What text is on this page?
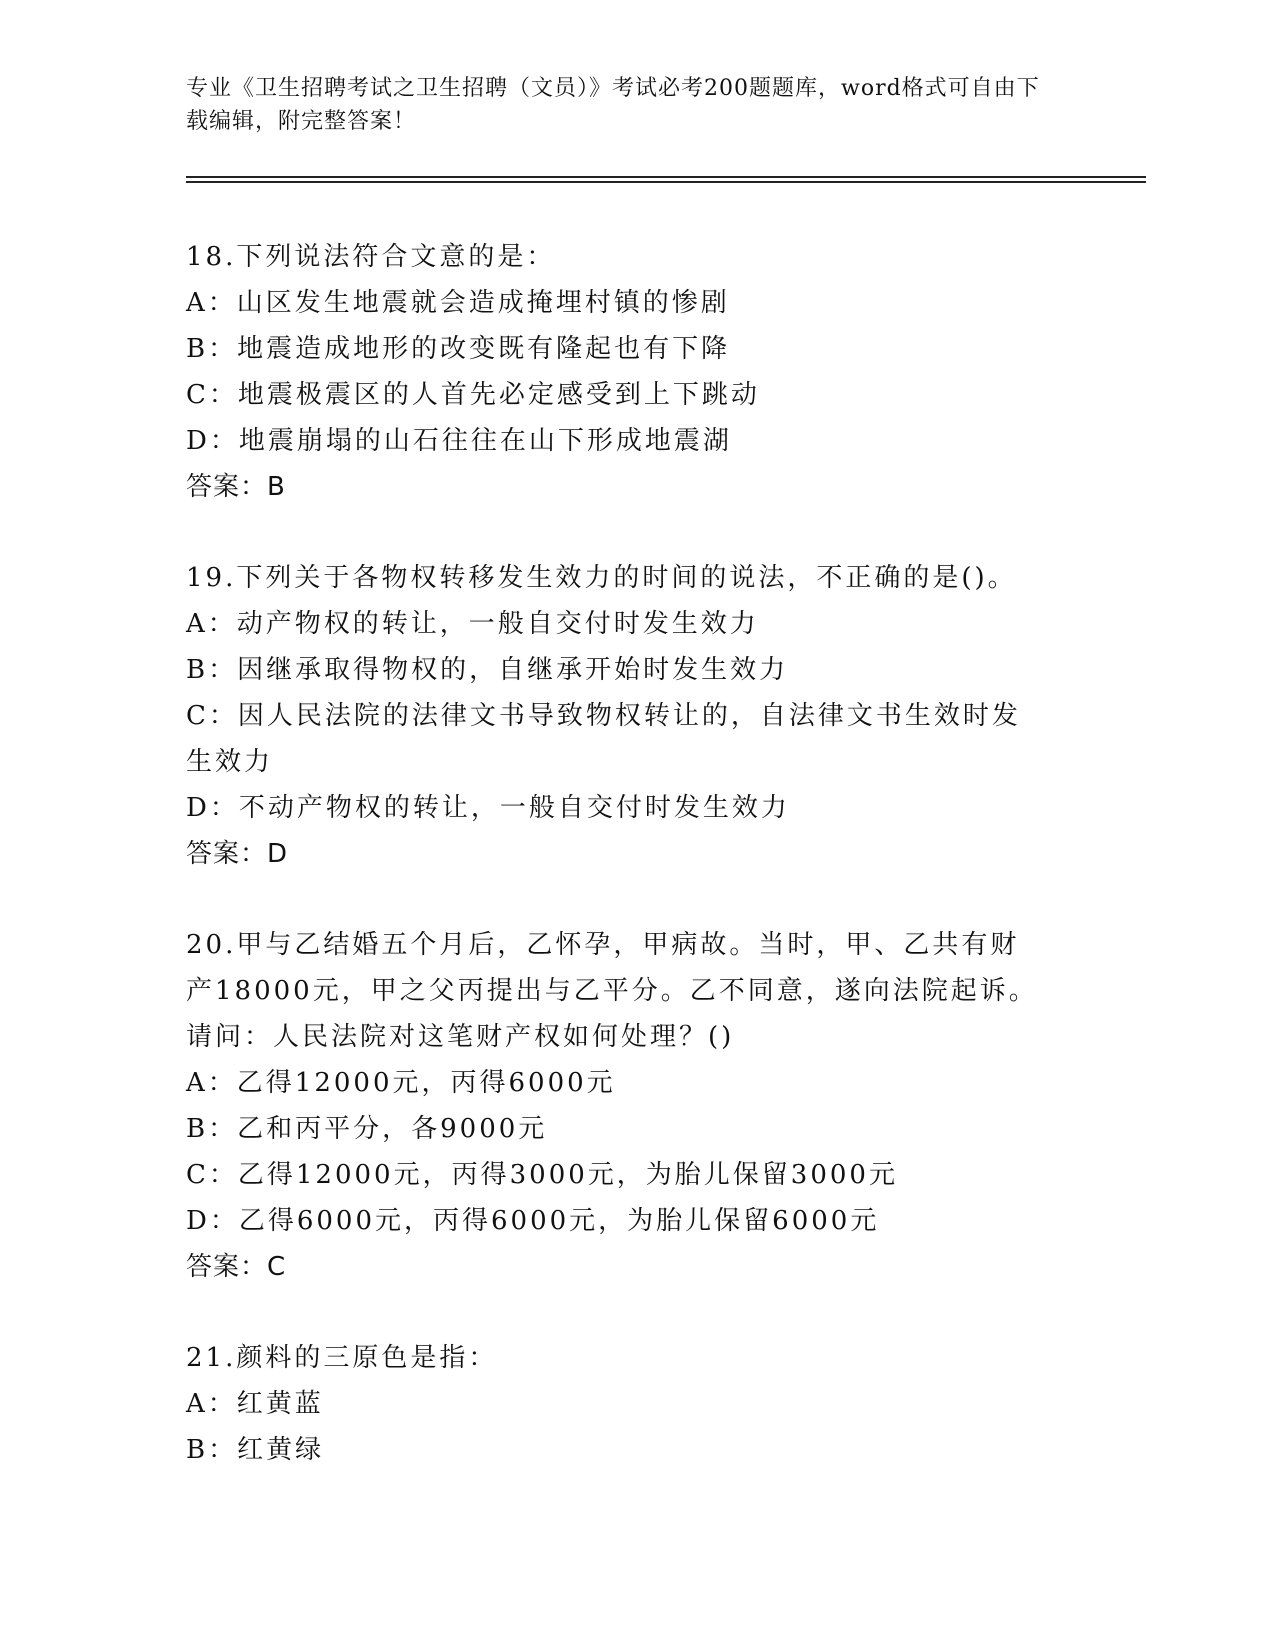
专业《卫生招聘考试之卫生招聘（文员）》考试必考200题题库，word格式可自由下载编辑，附完整答案！
18.下列说法符合文意的是：
A：山区发生地震就会造成掩埋村镇的惨剧
B：地震造成地形的改变既有隆起也有下降
C：地震极震区的人首先必定感受到上下跳动
D：地震崩塌的山石往往在山下形成地震湖
答案：B
19.下列关于各物权转移发生效力的时间的说法，不正确的是()。
A：动产物权的转让，一般自交付时发生效力
B：因继承取得物权的，自继承开始时发生效力
C：因人民法院的法律文书导致物权转让的，自法律文书生效时发生效力
D：不动产物权的转让，一般自交付时发生效力
答案：D
20.甲与乙结婚五个月后，乙怀孕，甲病故。当时，甲、乙共有财产18000元，甲之父丙提出与乙平分。乙不同意，遂向法院起诉。请问：人民法院对这笔财产权如何处理？()
A：乙得12000元，丙得6000元
B：乙和丙平分，各9000元
C：乙得12000元，丙得3000元，为胎儿保留3000元
D：乙得6000元，丙得6000元，为胎儿保留6000元
答案：C
21.颜料的三原色是指：
A：红黄蓝
B：红黄绿
